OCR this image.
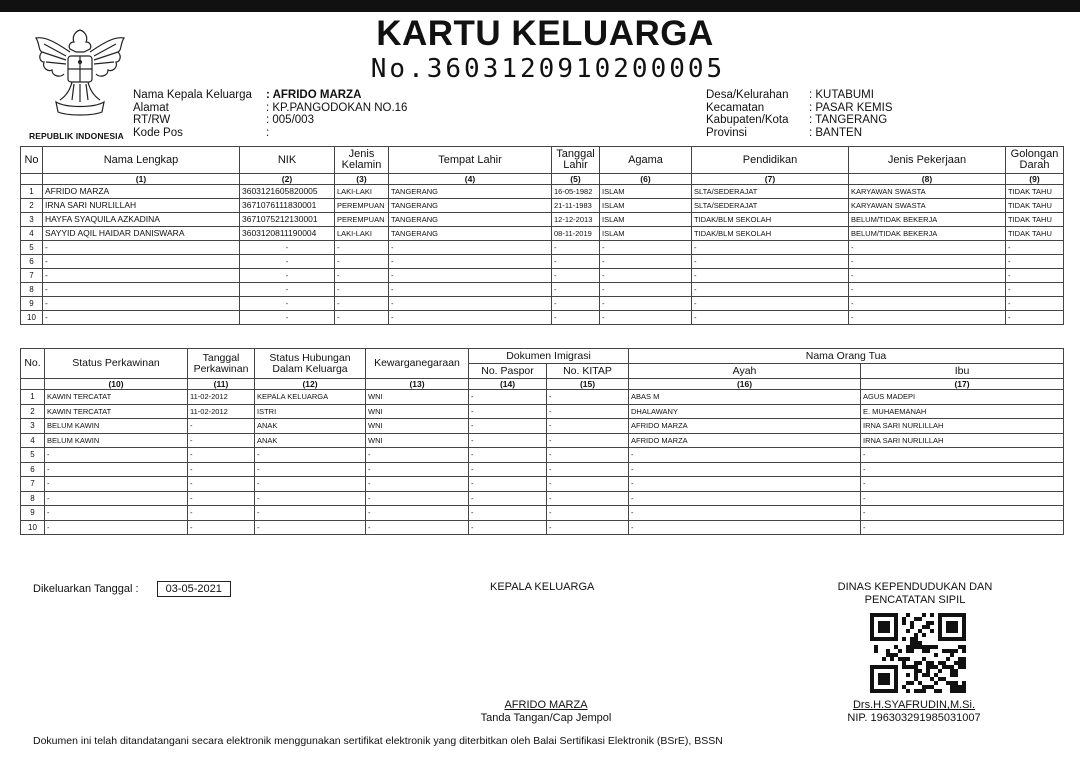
REPUBLIK INDONESIA
KARTU KELUARGA
No.3603120910200005
Nama Kepala Keluarga : AFRIDO MARZA
Alamat	: KP.PANGODOKAN NO.16
RT/RW	: 005/003
Kode Pos	:
Desa/Kelurahan : KUTABUMI
Kecamatan	: PASAR KEMIS
Kabupaten/Kota : TANGERANG
Provinsi	: BANTEN
No	Nama Lengkap	NIK	Jenis Kelamin	Tempat Lahir	Tanggal Lahir	Agama	Pendidikan	Jenis Pekerjaan	Golongan Darah
	(1)	(2)	(3)	(4)	(5)	(6)	(7)	(8)	(9)
1	AFRIDO MARZA	3603121605820005	LAKI-LAKI	TANGERANG	16-05-1982	ISLAM	SLTA/SEDERAJAT	KARYAWAN SWASTA	TIDAK TAHU
2	IRNA SARI NURLILLAH	3671076111830001	PEREMPUAN	TANGERANG	21-11-1983	ISLAM	SLTA/SEDERAJAT	KARYAWAN SWASTA	TIDAK TAHU
3	HAYFA SYAQUILA AZKADINA	3671075212130001	PEREMPUAN	TANGERANG	12-12-2013	ISLAM	TIDAK/BLM SEKOLAH	BELUM/TIDAK BEKERJA	TIDAK TAHU
4	SAYYID AQIL HAIDAR DANISWARA	3603120811190004	LAKI-LAKI	TANGERANG	08-11-2019	ISLAM	TIDAK/BLM SEKOLAH	BELUM/TIDAK BEKERJA	TIDAK TAHU
5	-	-	-	-	-	-	-	-	-
6	-	-	-	-	-	-	-	-	-
7	-	-	-	-	-	-	-	-	-
8	-	-	-	-	-	-	-	-	-
9	-	-	-	-	-	-	-	-	-
10	-	-	-	-	-	-	-	-	-
No.	Status Perkawinan	Tanggal Perkawinan	Status Hubungan Dalam Keluarga	Kewarganegaraan	Dokumen Imigrasi		Nama Orang Tua	
					No. Paspor	No. KITAP	Ayah	Ibu
	(10)	(11)	(12)	(13)	(14)	(15)	(16)	(17)
1	KAWIN TERCATAT	11-02-2012	KEPALA KELUARGA	WNI	-	-	ABAS M	AGUS MADEPI
2	KAWIN TERCATAT	11-02-2012	ISTRI	WNI	-	-	DHALAWANY	E. MUHAEMANAH
3	BELUM KAWIN	-	ANAK	WNI	-	-	AFRIDO MARZA	IRNA SARI NURLILLAH
4	BELUM KAWIN	-	ANAK	WNI	-	-	AFRIDO MARZA	IRNA SARI NURLILLAH
5	-	-	-	-	-	-	-	-
6	-	-	-	-	-	-	-	-
7	-	-	-	-	-	-	-	-
8	-	-	-	-	-	-	-	-
9	-	-	-	-	-	-	-	-
10	-	-	-	-	-	-	-	-
Dikeluarkan Tanggal : 03-05-2021	KEPALA KELUARGA	DINAS KEPENDUDUKAN DAN
PENCATATAN SIPIL
AFRIDO MARZA
Tanda Tangan/Cap Jempol
Drs.H.SYAFRUDIN,M.Si.
NIP. 196303291985031007
Dokumen ini telah ditandatangani secara elektronik menggunakan sertifikat elektronik yang diterbitkan oleh Balai Sertifikasi Elektronik (BSrE), BSSN
